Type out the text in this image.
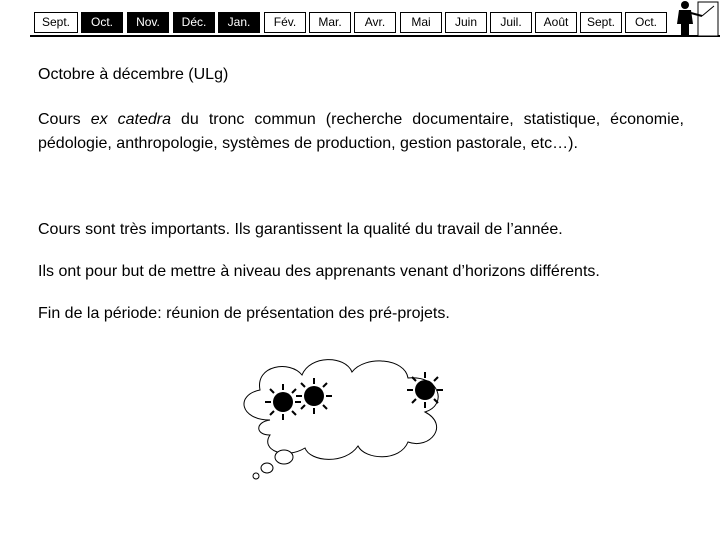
Sept.	Oct.	Nov.	Déc.	Jan.	Fév.	Mar.	Avr.	Mai	Juin	Juil.	Août	Sept.	Oct.
Octobre à décembre (ULg)

Cours ex catedra du tronc commun (recherche documentaire, statistique, économie, pédologie, anthropologie, systèmes de production, gestion pastorale, etc…).

Cours sont très importants. Ils garantissent la qualité du travail de l’année.

Ils ont pour but de mettre à niveau des apprenants venant d’horizons différents.

Fin de la période: réunion de présentation des pré-projets.
